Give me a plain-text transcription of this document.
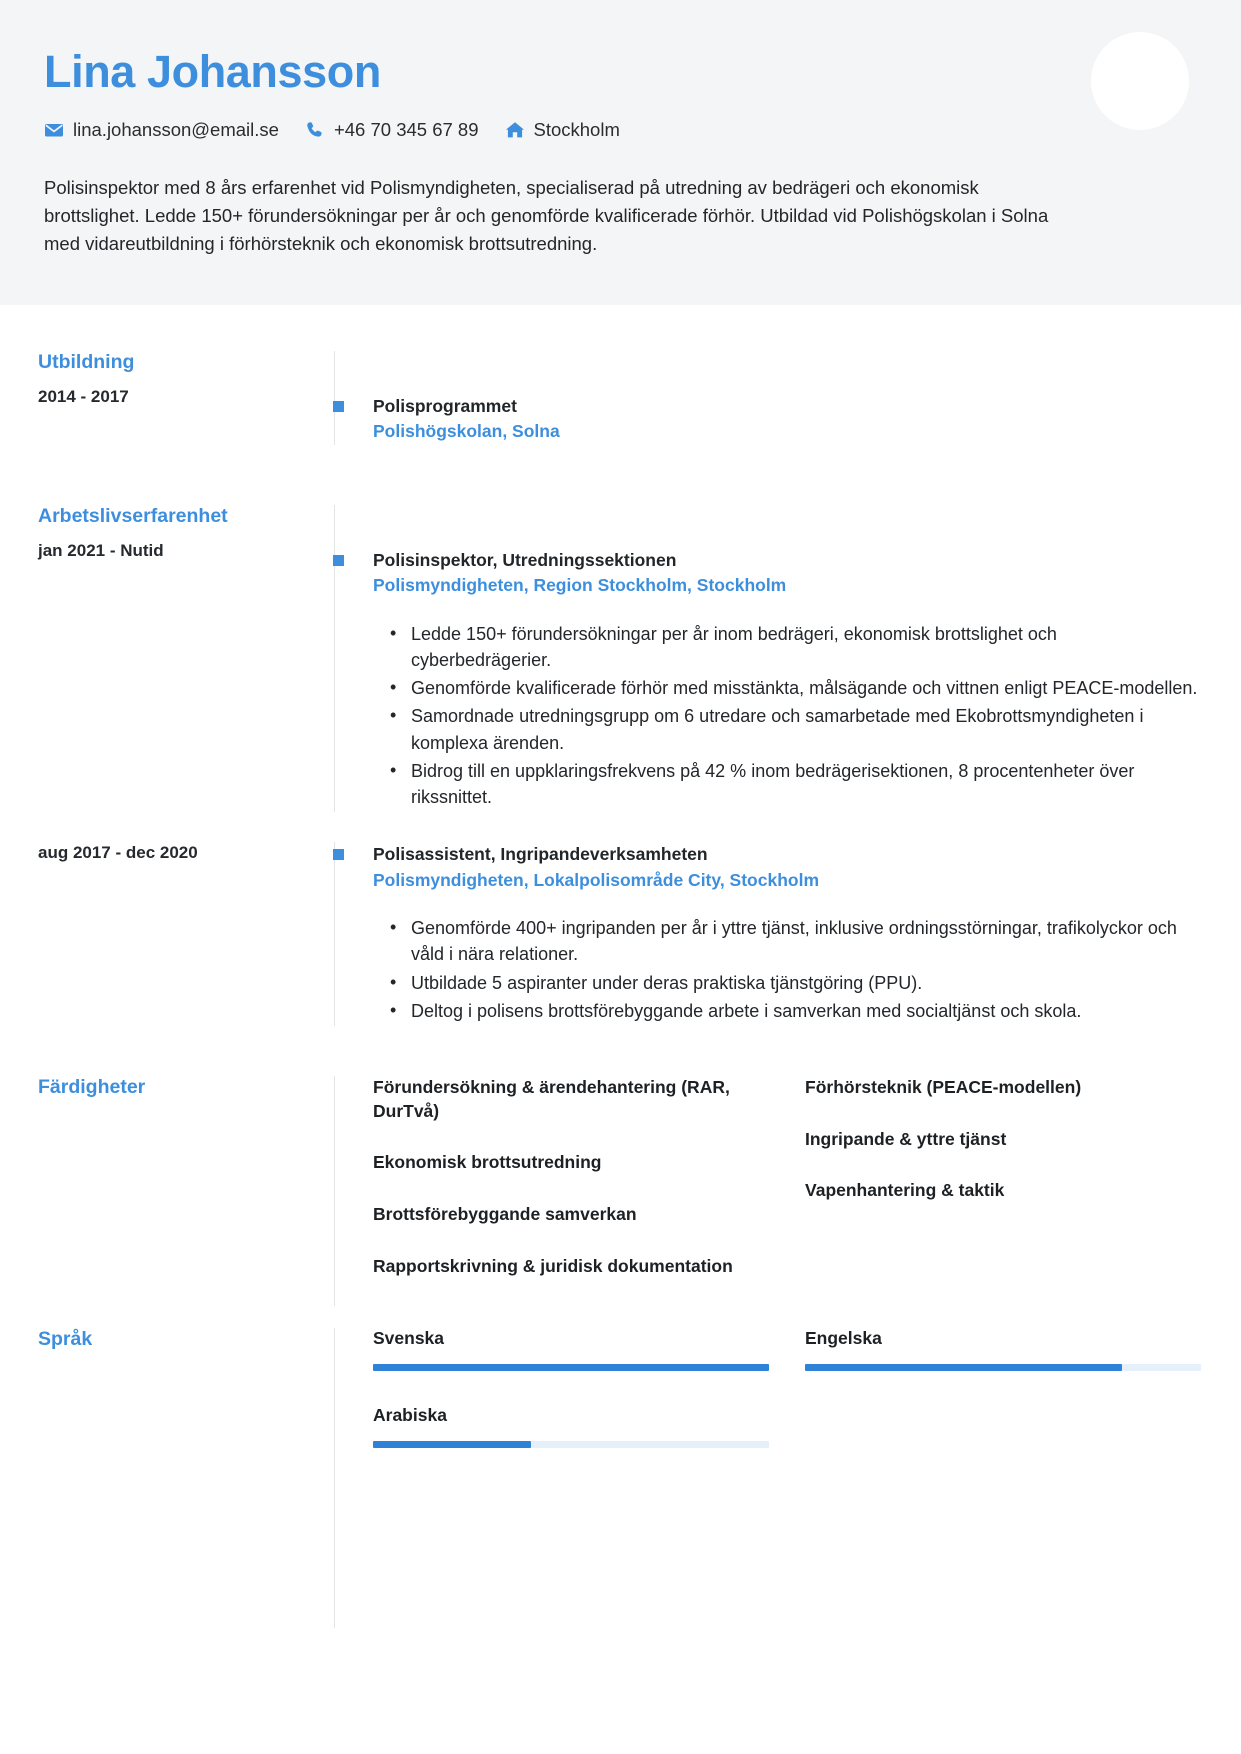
Lina Johansson
lina.johansson@email.se	+46 70 345 67 89	Stockholm
Polisinspektor med 8 års erfarenhet vid Polismyndigheten, specialiserad på utredning av bedrägeri och ekonomisk brottslighet. Ledde 150+ förundersökningar per år och genomförde kvalificerade förhör. Utbildad vid Polishögskolan i Solna med vidareutbildning i förhörsteknik och ekonomisk brottsutredning.
Utbildning
2014 - 2017	Polisprogrammet
Polishögskolan, Solna
Arbetslivserfarenhet
jan 2021 - Nutid	Polisinspektor, Utredningssektionen
Polismyndigheten, Region Stockholm, Stockholm
• Ledde 150+ förundersökningar per år inom bedrägeri, ekonomisk brottslighet och cyberbedrägerier.
• Genomförde kvalificerade förhör med misstänkta, målsägande och vittnen enligt PEACE-modellen.
• Samordnade utredningsgrupp om 6 utredare och samarbetade med Ekobrottsmyndigheten i komplexa ärenden.
• Bidrog till en uppklaringsfrekvens på 42 % inom bedrägerisektionen, 8 procentenheter över rikssnittet.
aug 2017 - dec 2020	Polisassistent, Ingripandeverksamheten
Polismyndigheten, Lokalpolisområde City, Stockholm
• Genomförde 400+ ingripanden per år i yttre tjänst, inklusive ordningsstörningar, trafikolyckor och våld i nära relationer.
• Utbildade 5 aspiranter under deras praktiska tjänstgöring (PPU).
• Deltog i polisens brottsförebyggande arbete i samverkan med socialtjänst och skola.
Färdigheter	Förundersökning & ärendehantering (RAR, DurTvå)
Ekonomisk brottsutredning
Brottsförebyggande samverkan
Rapportskrivning & juridisk dokumentation
Förhörsteknik (PEACE-modellen)
Ingripande & yttre tjänst
Vapenhantering & taktik
Språk	Svenska
Arabiska
Engelska
